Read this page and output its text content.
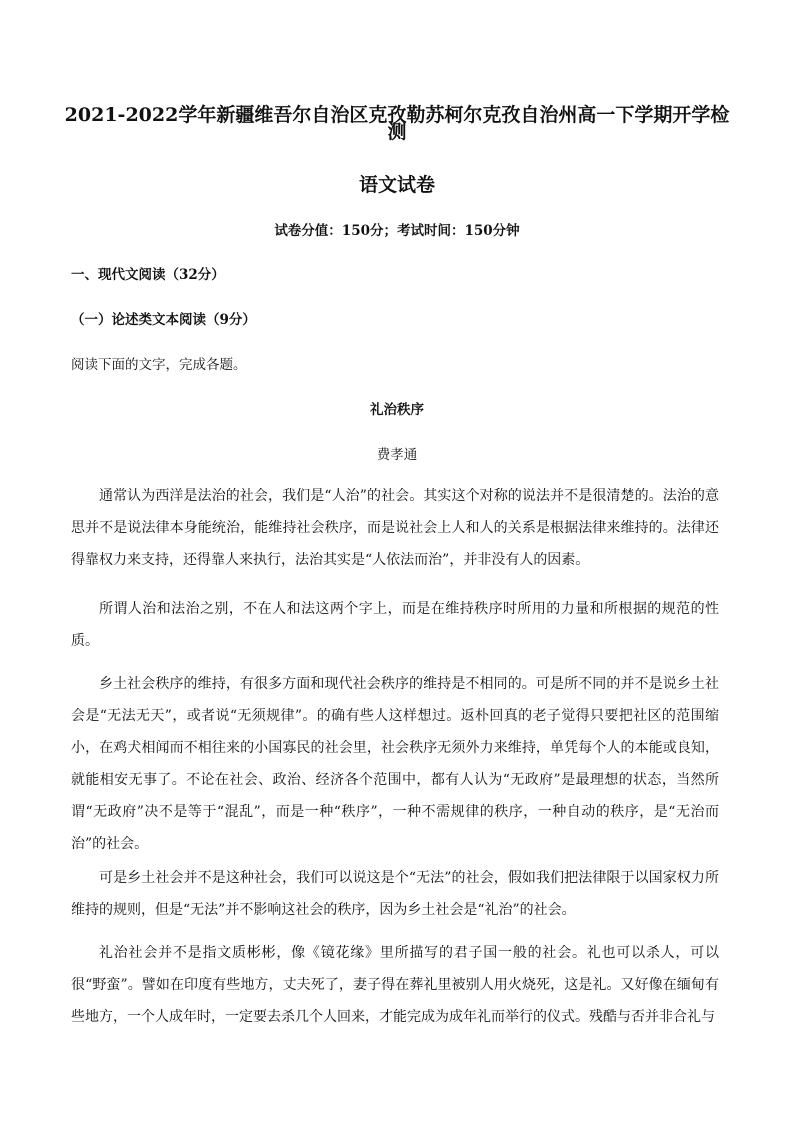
2021-2022学年新疆维吾尔自治区克孜勒苏柯尔克孜自治州高一下学期开学检
测
语文试卷
试卷分值：150分；考试时间：150分钟
一、现代文阅读（32分）
（一）论述类文本阅读（9分）
阅读下面的文字，完成各题。
礼治秩序
费孝通

通常认为西洋是法治的社会，我们是“人治”的社会。其实这个对称的说法并不是很清楚的。法治的意思并不是说法律本身能统治，能维持社会秩序，而是说社会上人和人的关系是根据法律来维持的。法律还得靠权力来支持，还得靠人来执行，法治其实是“人依法而治”，并非没有人的因素。

所谓人治和法治之别，不在人和法这两个字上，而是在维持秩序时所用的力量和所根据的规范的性质。

乡土社会秩序的维持，有很多方面和现代社会秩序的维持是不相同的。可是所不同的并不是说乡土社会是“无法无天”，或者说“无须规律”。的确有些人这样想过。返朴回真的老子觉得只要把社区的范围缩小，在鸡犬相闻而不相往来的小国寡民的社会里，社会秩序无须外力来维持，单凭每个人的本能或良知，就能相安无事了。不论在社会、政治、经济各个范围中，都有人认为“无政府”是最理想的状态，当然所谓“无政府”决不是等于“混乱”，而是一种“秩序”，一种不需规律的秩序，一种自动的秩序，是“无治而治”的社会。

可是乡土社会并不是这种社会，我们可以说这是个“无法”的社会，假如我们把法律限于以国家权力所维持的规则，但是“无法”并不影响这社会的秩序，因为乡土社会是“礼治”的社会。

礼治社会并不是指文质彬彬，像《镜花缘》里所描写的君子国一般的社会。礼也可以杀人，可以很“野蛮”。譬如在印度有些地方，丈夫死了，妻子得在葬礼里被别人用火烧死，这是礼。又好像在缅甸有些地方，一个人成年时，一定要去杀几个人回来，才能完成为成年礼而举行的仪式。残酷与否并非合礼与
